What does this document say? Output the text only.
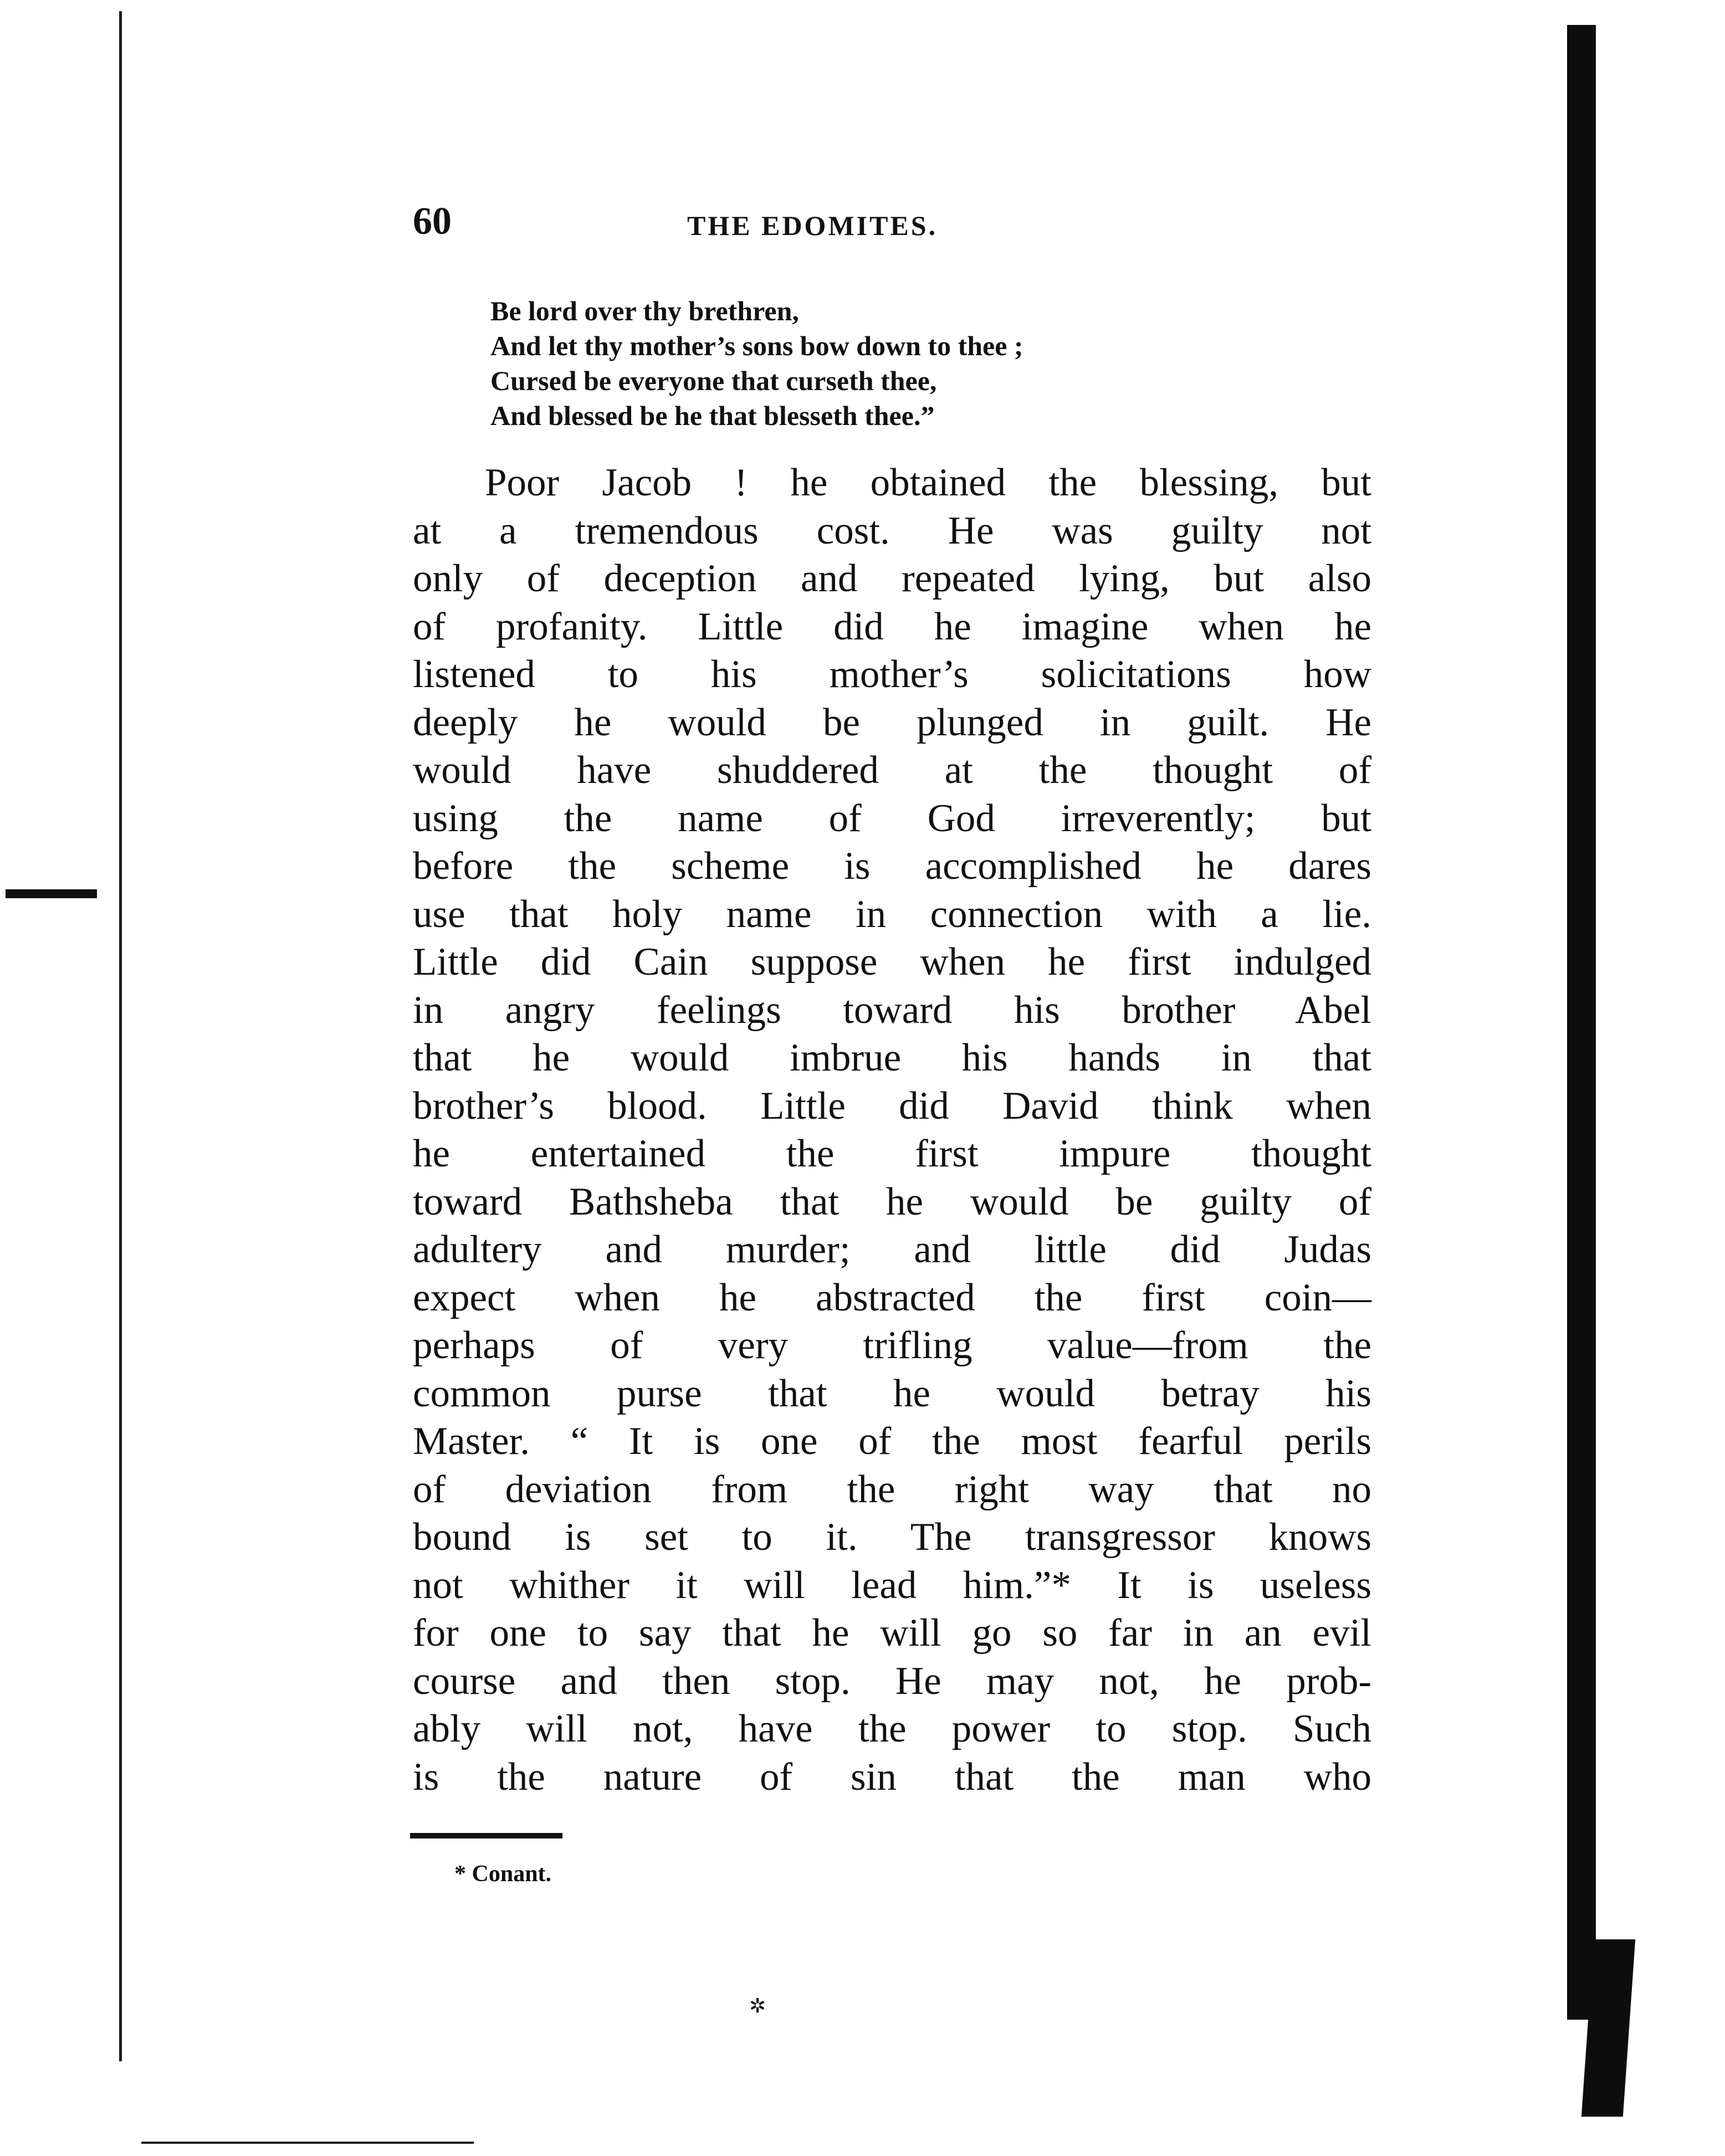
60	THE EDOMITES.
Be lord over thy brethren,
And let thy mother’s sons bow down to thee ;
Cursed be everyone that curseth thee,
And blessed be he that blesseth thee.”
Poor Jacob ! he obtained the blessing, but
at a tremendous cost. He was guilty not
only of deception and repeated lying, but also
of profanity. Little did he imagine when he
listened to his mother’s solicitations how
deeply he would be plunged in guilt. He
would have shuddered at the thought of
using the name of God irreverently; but
before the scheme is accomplished he dares
use that holy name in connection with a lie.
Little did Cain suppose when he first indulged
in angry feelings toward his brother Abel
that he would imbrue his hands in that
brother’s blood. Little did David think when
he entertained the first impure thought
toward Bathsheba that he would be guilty of
adultery and murder; and little did Judas
expect when he abstracted the first coin—
perhaps of very trifling value—from the
common purse that he would betray his
Master. “ It is one of the most fearful perils
of deviation from the right way that no
bound is set to it. The transgressor knows
not whither it will lead him.”* It is useless
for one to say that he will go so far in an evil
course and then stop. He may not, he prob-
ably will not, have the power to stop. Such
is the nature of sin that the man who
* Conant.
✲
